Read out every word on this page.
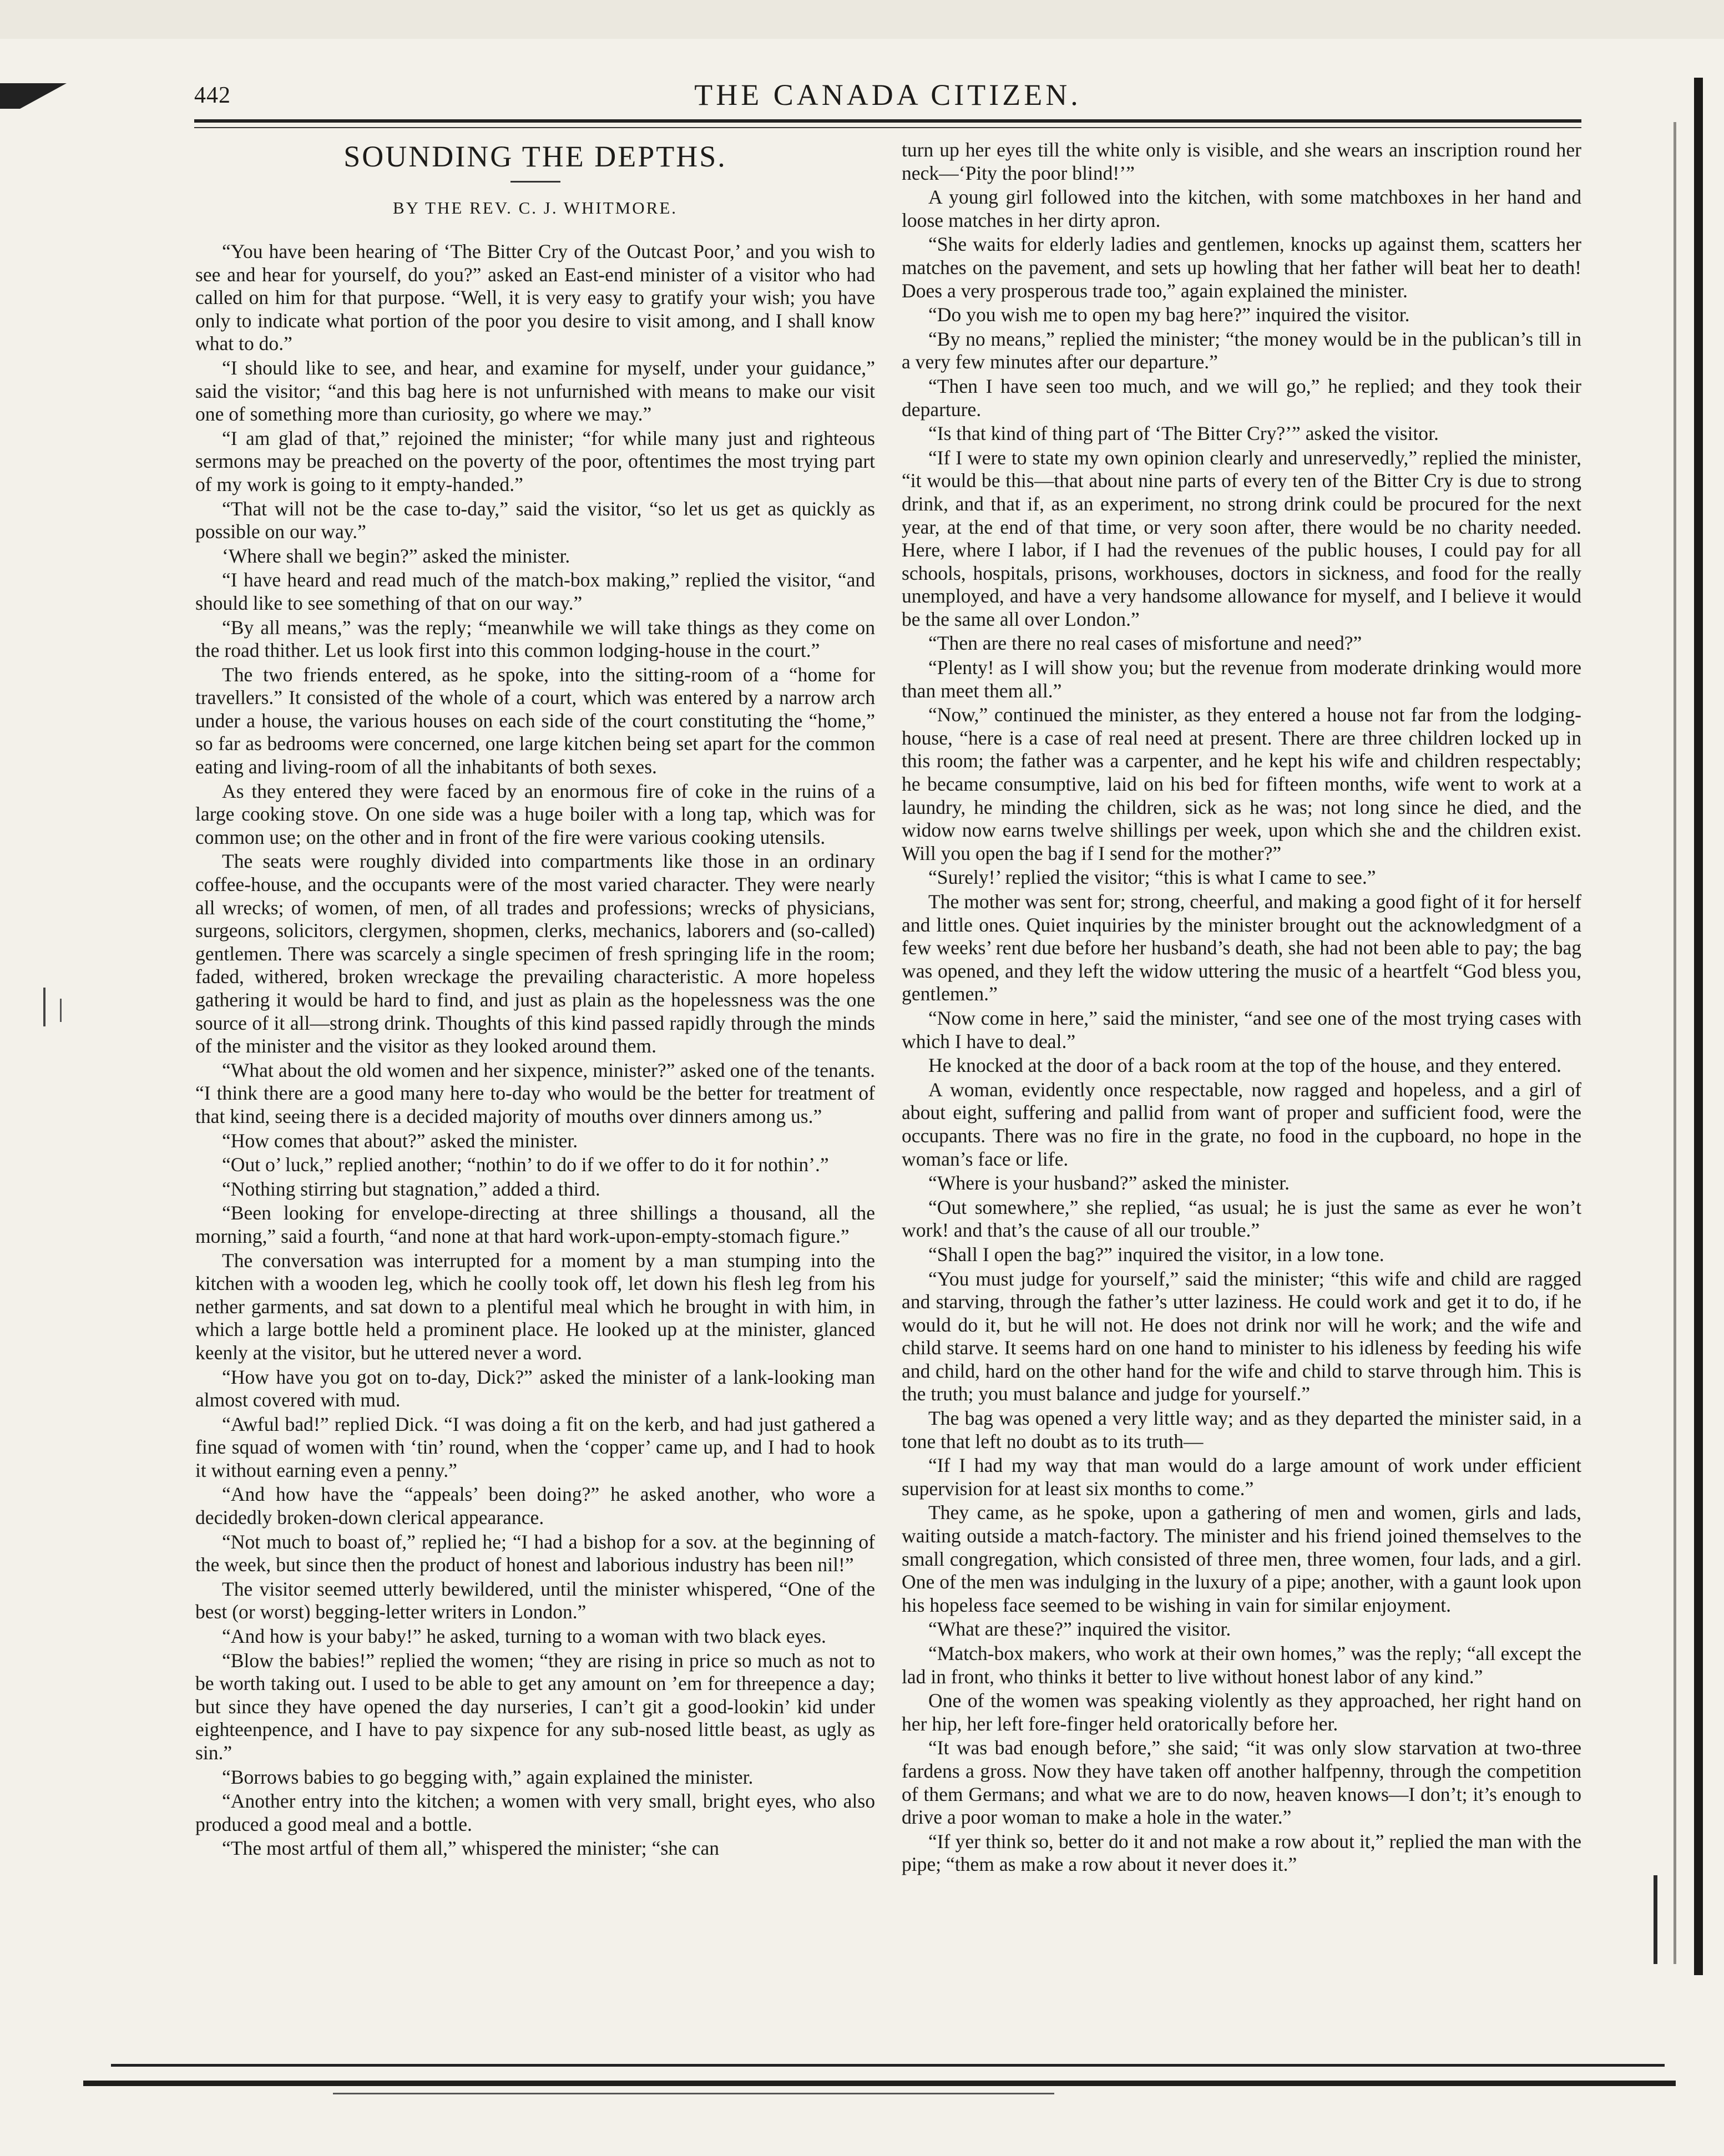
442	THE CANADA CITIZEN.
SOUNDING THE DEPTHS.
BY THE REV. C. J. WHITMORE.

“You have been hearing of ‘The Bitter Cry of the Outcast Poor,’ and you wish to see and hear for yourself, do you?” asked an East-end minister of a visitor who had called on him for that purpose. “Well, it is very easy to gratify your wish; you have only to indicate what portion of the poor you desire to visit among, and I shall know what to do.”

“I should like to see, and hear, and examine for myself, under your guidance,” said the visitor; “and this bag here is not unfurnished with means to make our visit one of something more than curiosity, go where we may.”

“I am glad of that,” rejoined the minister; “for while many just and righteous sermons may be preached on the poverty of the poor, oftentimes the most trying part of my work is going to it empty-handed.”

“That will not be the case to-day,” said the visitor, “so let us get as quickly as possible on our way.”

‘Where shall we begin?” asked the minister.

“I have heard and read much of the match-box making,” replied the visitor, “and should like to see something of that on our way.”

“By all means,” was the reply; “meanwhile we will take things as they come on the road thither. Let us look first into this common lodging-house in the court.”

The two friends entered, as he spoke, into the sitting-room of a “home for travellers.” It consisted of the whole of a court, which was entered by a narrow arch under a house, the various houses on each side of the court constituting the “home,” so far as bedrooms were concerned, one large kitchen being set apart for the common eating and living-room of all the inhabitants of both sexes.

As they entered they were faced by an enormous fire of coke in the ruins of a large cooking stove. On one side was a huge boiler with a long tap, which was for common use; on the other and in front of the fire were various cooking utensils.

The seats were roughly divided into compartments like those in an ordinary coffee-house, and the occupants were of the most varied character. They were nearly all wrecks; of women, of men, of all trades and professions; wrecks of physicians, surgeons, solicitors, clergymen, shopmen, clerks, mechanics, laborers and (so-called) gentlemen. There was scarcely a single specimen of fresh springing life in the room; faded, withered, broken wreckage the prevailing characteristic. A more hopeless gathering it would be hard to find, and just as plain as the hopelessness was the one source of it all—strong drink. Thoughts of this kind passed rapidly through the minds of the minister and the visitor as they looked around them.

“What about the old women and her sixpence, minister?” asked one of the tenants. “I think there are a good many here to-day who would be the better for treatment of that kind, seeing there is a decided majority of mouths over dinners among us.”

“How comes that about?” asked the minister.

“Out o’ luck,” replied another; “nothin’ to do if we offer to do it for nothin’.”

“Nothing stirring but stagnation,” added a third.

“Been looking for envelope-directing at three shillings a thousand, all the morning,” said a fourth, “and none at that hard work-upon-empty-stomach figure.”

The conversation was interrupted for a moment by a man stumping into the kitchen with a wooden leg, which he coolly took off, let down his flesh leg from his nether garments, and sat down to a plentiful meal which he brought in with him, in which a large bottle held a prominent place. He looked up at the minister, glanced keenly at the visitor, but he uttered never a word.

“How have you got on to-day, Dick?” asked the minister of a lank-looking man almost covered with mud.

“Awful bad!” replied Dick. “I was doing a fit on the kerb, and had just gathered a fine squad of women with ‘tin’ round, when the ‘copper’ came up, and I had to hook it without earning even a penny.”

“And how have the “appeals’ been doing?” he asked another, who wore a decidedly broken-down clerical appearance.

“Not much to boast of,” replied he; “I had a bishop for a sov. at the beginning of the week, but since then the product of honest and laborious industry has been nil!”

The visitor seemed utterly bewildered, until the minister whispered, “One of the best (or worst) begging-letter writers in London.”

“And how is your baby!” he asked, turning to a woman with two black eyes.

“Blow the babies!” replied the women; “they are rising in price so much as not to be worth taking out. I used to be able to get any amount on ’em for threepence a day; but since they have opened the day nurseries, I can’t git a good-lookin’ kid under eighteenpence, and I have to pay sixpence for any sub-nosed little beast, as ugly as sin.”

“Borrows babies to go begging with,” again explained the minister.

“Another entry into the kitchen; a women with very small, bright eyes, who also produced a good meal and a bottle.

“The most artful of them all,” whispered the minister; “she can

turn up her eyes till the white only is visible, and she wears an inscription round her neck—‘Pity the poor blind!’”

A young girl followed into the kitchen, with some matchboxes in her hand and loose matches in her dirty apron.

“She waits for elderly ladies and gentlemen, knocks up against them, scatters her matches on the pavement, and sets up howling that her father will beat her to death! Does a very prosperous trade too,” again explained the minister.

“Do you wish me to open my bag here?” inquired the visitor.

“By no means,” replied the minister; “the money would be in the publican’s till in a very few minutes after our departure.”

“Then I have seen too much, and we will go,” he replied; and they took their departure.

“Is that kind of thing part of ‘The Bitter Cry?’” asked the visitor.

“If I were to state my own opinion clearly and unreservedly,” replied the minister, “it would be this—that about nine parts of every ten of the Bitter Cry is due to strong drink, and that if, as an experiment, no strong drink could be procured for the next year, at the end of that time, or very soon after, there would be no charity needed. Here, where I labor, if I had the revenues of the public houses, I could pay for all schools, hospitals, prisons, workhouses, doctors in sickness, and food for the really unemployed, and have a very handsome allowance for myself, and I believe it would be the same all over London.”

“Then are there no real cases of misfortune and need?”

“Plenty! as I will show you; but the revenue from moderate drinking would more than meet them all.”

“Now,” continued the minister, as they entered a house not far from the lodging-house, “here is a case of real need at present. There are three children locked up in this room; the father was a carpenter, and he kept his wife and children respectably; he became consumptive, laid on his bed for fifteen months, wife went to work at a laundry, he minding the children, sick as he was; not long since he died, and the widow now earns twelve shillings per week, upon which she and the children exist. Will you open the bag if I send for the mother?”

“Surely!’ replied the visitor; “this is what I came to see.”

The mother was sent for; strong, cheerful, and making a good fight of it for herself and little ones. Quiet inquiries by the minister brought out the acknowledgment of a few weeks’ rent due before her husband’s death, she had not been able to pay; the bag was opened, and they left the widow uttering the music of a heartfelt “God bless you, gentlemen.”

“Now come in here,” said the minister, “and see one of the most trying cases with which I have to deal.”

He knocked at the door of a back room at the top of the house, and they entered.

A woman, evidently once respectable, now ragged and hopeless, and a girl of about eight, suffering and pallid from want of proper and sufficient food, were the occupants. There was no fire in the grate, no food in the cupboard, no hope in the woman’s face or life.

“Where is your husband?” asked the minister.

“Out somewhere,” she replied, “as usual; he is just the same as ever he won’t work! and that’s the cause of all our trouble.”

“Shall I open the bag?” inquired the visitor, in a low tone.

“You must judge for yourself,” said the minister; “this wife and child are ragged and starving, through the father’s utter laziness. He could work and get it to do, if he would do it, but he will not. He does not drink nor will he work; and the wife and child starve. It seems hard on one hand to minister to his idleness by feeding his wife and child, hard on the other hand for the wife and child to starve through him. This is the truth; you must balance and judge for yourself.”

The bag was opened a very little way; and as they departed the minister said, in a tone that left no doubt as to its truth—

“If I had my way that man would do a large amount of work under efficient supervision for at least six months to come.”

They came, as he spoke, upon a gathering of men and women, girls and lads, waiting outside a match-factory. The minister and his friend joined themselves to the small congregation, which consisted of three men, three women, four lads, and a girl. One of the men was indulging in the luxury of a pipe; another, with a gaunt look upon his hopeless face seemed to be wishing in vain for similar enjoyment.

“What are these?” inquired the visitor.

“Match-box makers, who work at their own homes,” was the reply; “all except the lad in front, who thinks it better to live without honest labor of any kind.”

One of the women was speaking violently as they approached, her right hand on her hip, her left fore-finger held oratorically before her.

“It was bad enough before,” she said; “it was only slow starvation at two-three fardens a gross. Now they have taken off another halfpenny, through the competition of them Germans; and what we are to do now, heaven knows—I don’t; it’s enough to drive a poor woman to make a hole in the water.”

“If yer think so, better do it and not make a row about it,” replied the man with the pipe; “them as make a row about it never does it.”
